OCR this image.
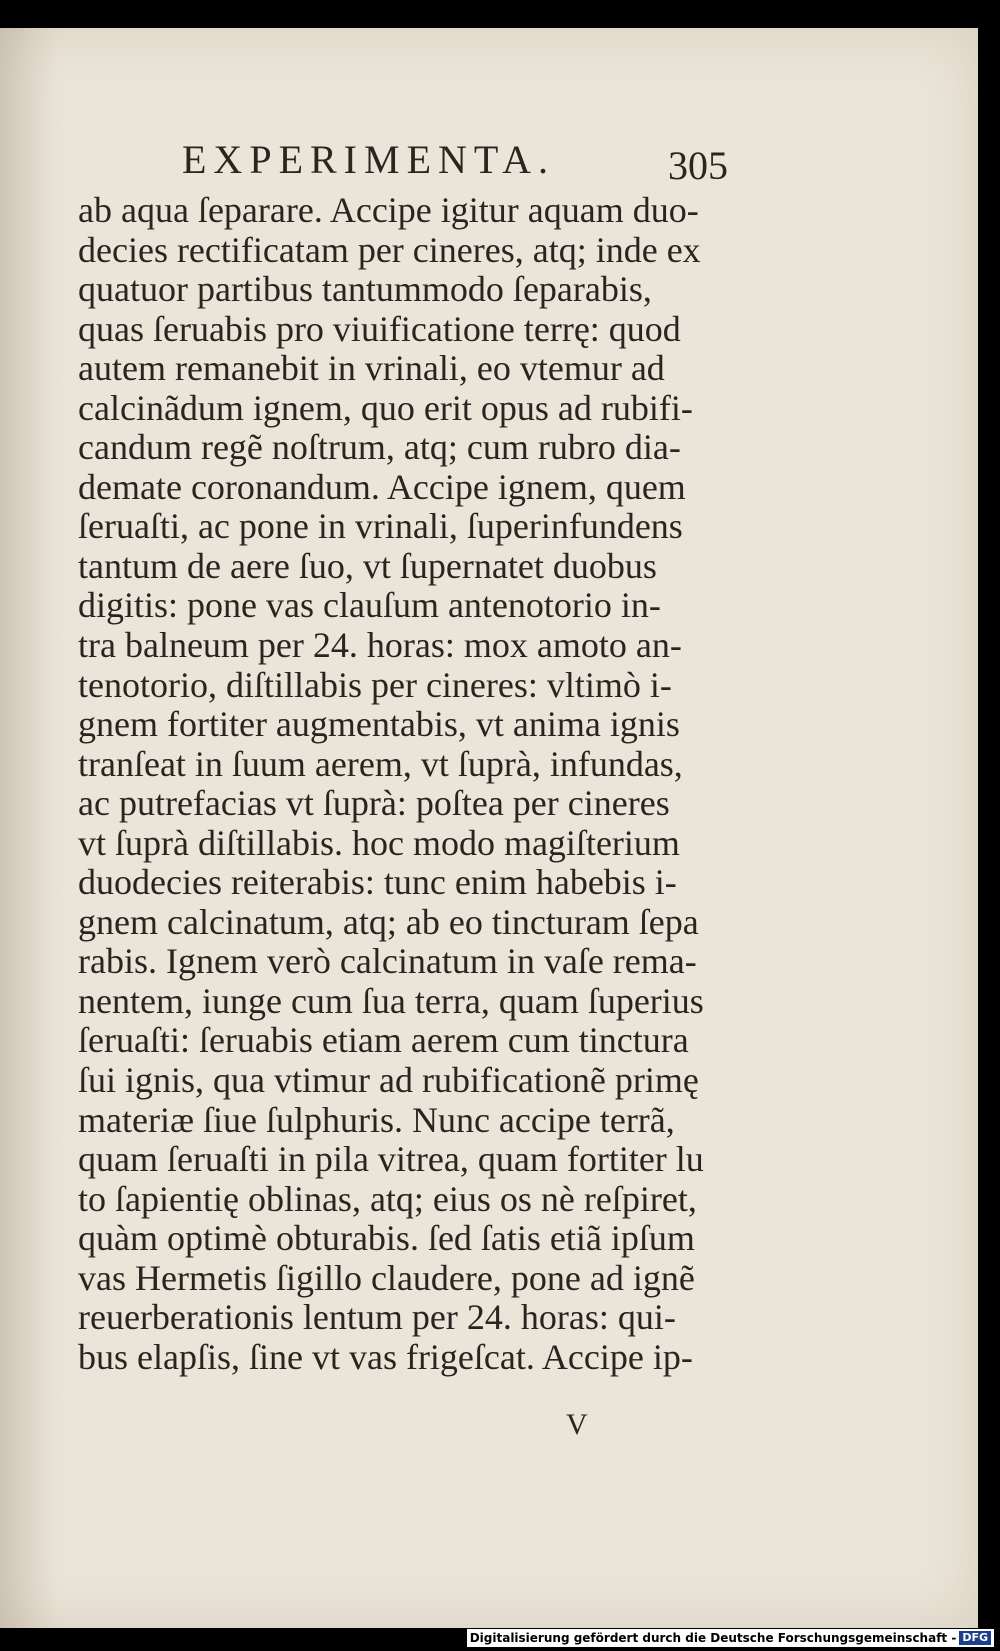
EXPERIMENTA.	305

ab aqua ſeparare. Accipe igitur aquam duo-
decies rectificatam per cineres, atq; inde ex
quatuor partibus tantummodo ſeparabis,
quas ſeruabis pro viuificatione terrę: quod
autem remanebit in vrinali, eo vtemur ad
calcinãdum ignem, quo erit opus ad rubifi-
candum regẽ noſtrum, atq; cum rubro dia-
demate coronandum. Accipe ignem, quem
ſeruaſti, ac pone in vrinali, ſuperinfundens
tantum de aere ſuo, vt ſupernatet duobus
digitis: pone vas clauſum antenotorio in-
tra balneum per 24. horas: mox amoto an-
tenotorio, diſtillabis per cineres: vltimò i-
gnem fortiter augmentabis, vt anima ignis
tranſeat in ſuum aerem, vt ſuprà, infundas,
ac putrefacias vt ſuprà: poſtea per cineres
vt ſuprà diſtillabis. hoc modo magiſterium
duodecies reiterabis: tunc enim habebis i-
gnem calcinatum, atq; ab eo tincturam ſepa
rabis. Ignem verò calcinatum in vaſe rema-
nentem, iunge cum ſua terra, quam ſuperius
ſeruaſti: ſeruabis etiam aerem cum tinctura
ſui ignis, qua vtimur ad rubificationẽ primę
materiæ ſiue ſulphuris. Nunc accipe terrã,
quam ſeruaſti in pila vitrea, quam fortiter lu
to ſapientię oblinas, atq; eius os nè reſpiret,
quàm optimè obturabis. ſed ſatis etiã ipſum
vas Hermetis ſigillo claudere, pone ad ignẽ
reuerberationis lentum per 24. horas: qui-
bus elapſis, ſine vt vas frigeſcat. Accipe ip-

V

Digitalisierung gefördert durch die Deutsche Forschungsgemeinschaft - DFG
